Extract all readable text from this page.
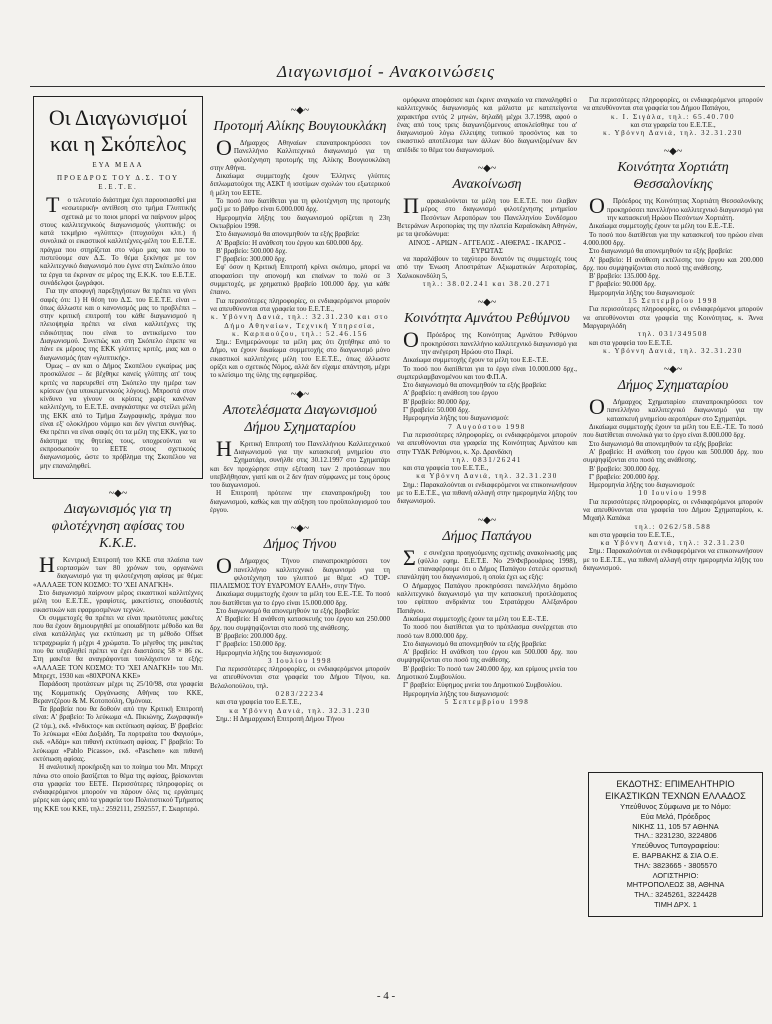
Διαγωνισμοί - Ανακοινώσεις
Οι Διαγωνισμοί και η Σκόπελος
ΕΥΑ ΜΕΛΑ
ΠΡΟΕΔΡΟΣ ΤΟΥ Δ.Σ. ΤΟΥ Ε.Ε.Τ.Ε.

Το τελευταίο διάστημα έχει παρουσιασθεί μια «εσωτερική» αντίθεση στο τμήμα Γλυπτικής σχετικά με το ποιοι μπορεί να παίρνουν μέρος στους καλλιτεχνικούς διαγωνισμούς γλυπτικής: οι κατά τεκμήριο «γλύπτες» (πτυχιούχοι κλπ.) ή συνολικά οι εικαστικοί καλλιτέχνες-μέλη του Ε.Ε.Τ.Ε. πράγμα που στηρίζεται στο νόμο μας και που το πιστεύουμε σαν Δ.Σ. Το θέμα ξεκίνησε με τον καλλιτεχνικό διαγωνισμό που έγινε στη Σκόπελο όπου τα έργα τα έκριναν σε μέρος της Ε.Κ.Κ. του Ε.Ε.Τ.Ε. συνάδελφοι ζωγράφοι.

Για την αποφυγή παρεξηγήσεων θα πρέπει να γίνει σαφές ότι: 1) Η θέση του Δ.Σ. του Ε.Ε.Τ.Ε. είναι – όπως άλλωστε και ο κανονισμός μας το προβλέπει – στην κριτική επιτροπή του κάθε διαγωνισμού η πλειοψηφία πρέπει να είναι καλλιτέχνες της ειδικότητας που είναι το αντικείμενο του Διαγωνισμού. Συνεπώς και στη Σκόπελο έπρεπε να πάνε εκ μέρους της ΕΚΚ γλύπτες κριτές, μιας και ο διαγωνισμός ήταν «γλυπτικής».

Όμως – αν και ο Δήμος Σκοπέλου εγκαίρως μας προσκάλεσε – δε βέχθηκε κανείς γλύπτης απ' τους κριτές να παρευρεθεί στη Σκόπελο την ημέρα των κρίσεων (για υποκειμενικούς λόγους). Μπροστά στον κίνδυνο να γίνουν οι κρίσεις χωρίς κανέναν καλλιτέχνη, το Ε.Ε.Τ.Ε. αναγκάστηκε να στείλει μέλη της ΕΚΚ από το Τμήμα Ζωγραφικής, πράγμα που είναι εξ' ολοκλήρου νόμιμο και δεν γίνεται συνήθως. Θα πρέπει να είναι σαφές ότι τα μέλη της ΕΚΚ, για το διάστημα της θητείας τους, υποχρεούνται να εκπροσωπούν το ΕΕΤΕ στους σχετικούς διαγωνισμούς, ώστε το πρόβλημα της Σκοπέλου να μην επαναληφθεί.

~◆~
Διαγωνισμός για τη φιλοτέχνηση αφίσας του Κ.Κ.Ε.

ΗΚεντρική Επιτροπή του ΚΚΕ στα πλαίσια των εορτασμών των 80 χρόνων του, οργανώνει διαγωνισμό για τη φιλοτέχνηση αφίσας με θέμα: «ΑΛΛΑΞΕ ΤΟΝ ΚΟΣΜΟ: ΤΟ 'ΧΕΙ ΑΝΑΓΚΗ».

Στο διαγωνισμό παίρνουν μέρος εικαστικοί καλλιτέχνες μέλη του Ε.Ε.Τ.Ε., γραφίστες, μακετίστες, σπουδαστές εικαστικών και εφαρμοσμένων τεχνών.

Οι συμμετοχές θα πρέπει να είναι πρωτότυπες μακέτες που θα έχουν δημιουργηθεί με οποιαδήποτε μέθοδο και θα είναι κατάλληλες για εκτύπωση με τη μέθοδο Offset τετραχρωμία ή μέχρι 4 χρώματα. Το μέγεθος της μακέτας που θα υποβληθεί πρέπει να έχει διαστάσεις 58 × 86 εκ. Στη μακέτα θα αναγράφονται τουλάχιστον τα εξής: «ΑΛΛΑΞΕ ΤΟΝ ΚΟΣΜΟ: ΤΟ 'ΧΕΙ ΑΝΑΓΚΗ» του Μπ. Μπρεχτ, 1930 και «80ΧΡΟΝΑ ΚΚΕ»

Παράδοση προτάσεων μέχρι τις 25/10/98, στα γραφεία της Κομματικής Οργάνωσης Αθήνας του ΚΚΕ, Βεραντζέρου & Μ. Κοτοπούλη, Ομόνοια.

Τα βραβεία που θα δοθούν από την Κριτική Επιτροπή είναι: Α' βραβείο: Το λεύκωμα «Δ. Πικιώνης, Ζωγραφική» (2 τόμ.), εκδ. «Ινδικτος» και εκτύπωση αφίσας. Β' βραβείο: Το λεύκωμα «Εύα Δοξιάδη, Τα πορτραίτα του Φαγιούμ», εκδ. «Αδάμ» και πιθανή εκτύπωση αφίσας. Γ' βραβείο: Το λεύκωμα «Pablo Picasso», εκδ. «Paschen» και πιθανή εκτύπωση αφίσας.

Η αναλυτική προκήρυξη και το ποίημα του Μπ. Μπρεχτ πάνω στο οποίο βασίζεται το θέμα της αφίσας, βρίσκονται στα γραφεία του ΕΕΤΕ. Περισσότερες πληροφορίες οι ενδιαφερόμενοι μπορούν να πάρουν όλες τις εργάσιμες μέρες και ώρες από τα γραφεία του Πολιτιστικού Τμήματος της ΚΚΕ του ΚΚΕ, τηλ.: 2592111, 2592557, Γ. Σκαρπερό.

~◆~
Προτομή Αλίκης Βουγιουκλάκη

ΟΔήμαρχος Αθηναίων επαναπροκηρύσσει τον Πανελλήνιο Καλλιτεχνικό διαγωνισμό για τη φιλοτέχνηση προτομής της Αλίκης Βουγιουκλάκη στην Αθήνα.

Δικαίωμα συμμετοχής έχουν Έλληνες γλύπτες διπλωματούχοι της ΑΣΚΤ ή ισοτίμων σχολών του εξωτερικού ή μέλη του ΕΕΤΕ.

Το ποσό που διατίθεται για τη φιλοτέχνηση της προτομής μαζί με το βάθρο είναι 6.000.000 δρχ.

Ημερομηνία λήξης του διαγωνισμού ορίζεται η 23η Οκτωβρίου 1998.

Στο διαγωνισμό θα απονεμηθούν τα εξής βραβεία:

Α' Βραβείο: Η ανάθεση του έργου και 600.000 δρχ.

Β' βραβείο: 500.000 δρχ.

Γ' βραβείο: 300.000 δρχ.

Εφ' όσον η Κριτική Επιτροπή κρίνει σκόπιμο, μπορεί να αποφασίσει την απονομή και επαίνων το πολύ σε 3 συμμετοχές, με χρηματικό βραβείο 100.000 δρχ. για κάθε έπαινο.

Για περισσότερες πληροφορίες, οι ενδιαφερόμενοι μπορούν να απευθύνονται στα γραφεία του Ε.Ε.Τ.Ε.,

κ. Υβόννη Δανιά, τηλ.: 32.31.230 και στο Δήμο Αθηναίων, Τεχνική Υπηρεσία,

κ. Καρπαούζου, τηλ.: 52.46.156

Σημ.: Ενημερώνουμε τα μέλη μας ότι ζητήθηκε από το Δήμο, να έχουν δικαίωμα συμμετοχής στο διαγωνισμό μόνο εικαστικοί καλλιτέχνες μέλη του Ε.Ε.Τ.Ε., όπως άλλωστε ορίζει και ο σχετικός Νόμος, αλλά δεν είχαμε απάντηση, μέχρι το κλείσιμο της ύλης της εφημερίδας.

~◆~
Αποτελέσματα Διαγωνισμού Δήμου Σχηματαρίου

ΗΚριτική Επιτροπή του Πανελλήνιου Καλλιτεχνικού Διαγωνισμού για την κατασκευή μνημείου στο Σχηματάρι, συνήλθε στις 30.12.1997 στο Σχηματάρι και δεν προχώρησε στην εξέταση των 2 προτάσεων που υπεβλήθησαν, γιατί και οι 2 δεν ήταν σύμφωνες με τους όρους του διαγωνισμού.

Η Επιτροπή πρότεινε την επαναπροκήρυξη του διαγωνισμού, καθώς και την αύξηση του προϋπολογισμού του έργου.

~◆~
Δήμος Τήνου

ΟΔήμαρχος Τήνου επαναπροκηρύσσει τον πανελλήνιο καλλιτεχνικό διαγωνισμό για τη φιλοτέχνηση του γλυπτού με θέμα: «Ο ΤΟΡ-ΠΙΛΛΙΣΜΟΣ ΤΟΥ ΕΥΔΡΟΜΟΥ ΕΛΛΗ», στην Τήνο.

Δικαίωμα συμμετοχής έχουν τα μέλη του Ε.Ε.-Τ.Ε. Το ποσό που διατίθεται για το έργο είναι 15.000.000 δρχ.

Στο διαγωνισμό θα απονεμηθούν τα εξής βραβεία:

Α' Βραβείο: Η ανάθεση κατασκευής του έργου και 250.000 δρχ. που συμψηφίζονται στο ποσό της ανάθεσης.

Β' βραβείο: 200.000 δρχ.

Γ' βραβείο: 150.000 δρχ.

Ημερομηνία λήξης του διαγωνισμού:

3 Ιουλίου 1998

Για περισσότερες πληροφορίες, οι ενδιαφερόμενοι μπορούν να απευθύνονται στα γραφεία του Δήμου Τήνου, κα. Βελαλοπούλου, τηλ.

0283/22234

και στα γραφεία του Ε.Ε.Τ.Ε.,

κα Υβόννη Δανιά, τηλ. 32.31.230

Σημ.: Η Δημαρχιακή Επιτροπή Δήμου Τήνου

ομόφωνα αποφάσισε και έκρινε αναγκαίο να επαναληφθεί ο καλλιτεχνικός διαγωνισμός και μάλιστα με κατεπείγοντα χαρακτήρα εντός 2 μηνών, δηλαδή μέχρι 3.7.1998, αφού ο ένας από τους τρεις διαγωνιζόμενους αποκλείσθηκε του α' διαγωνισμού λόγω έλλειψης τυπικού προσόντος και το εικαστικό αποτέλεσμα των άλλων δύο διαγωνιζομένων δεν απέδιδε το θέμα του διαγωνισμού.

~◆~
Ανακοίνωση

Παρακαλούνται τα μέλη του Ε.Ε.Τ.Ε. που έλαβαν μέρος στο διαγωνισμό φιλοτέχνησης μνημείου Πεσόντων Αεροπόρων του Πανελληνίου Συνδέσμου Βετεράνων Αεροπορίας της την πλατεία Καραϊσκάκη Αθηνών, με τα ψευδώνυμα:

ΑΙΝΟΣ - ΑΡΙΩΝ - ΑΓΓΕΛΟΣ - ΑΙΘΕΡΑΣ - ΙΚΑΡΟΣ - ΕΥΡΩΤΑΣ

να παραλάβουν το ταχύτερο δυνατόν τις συμμετοχές τους από την Ένωση Αποστράτων Αξιωματικών Αεροπορίας, Χαλκοκονδύλη 5,

τηλ.: 38.02.241 και 38.20.271

~◆~
Κοινότητα Αμνάτου Ρεθύμνου

ΟΠρόεδρος της Κοινότητας Αμνάτου Ρεθύμνου προκηρύσσει πανελλήνιο καλλιτεχνικό διαγωνισμό για την ανέγερση Ηρώου στο Πικρί.

Δικαίωμα συμμετοχής έχουν τα μέλη του Ε.Ε-.Τ.Ε.

Το ποσό που διατίθεται για το έργο είναι 10.000.000 δρχ., συμπεριλαμβανομένου και του Φ.Π.Α.

Στο διαγωνισμό θα απονεμηθούν τα εξής βραβεία:

Α' βραβείο: η ανάθεση του έργου

Β' βραβείο: 80.000 δρχ.

Γ' βραβείο: 50.000 δρχ.

Ημερομηνία λήξης του διαγωνισμού:

7 Αυγούστου 1998

Για περισσότερες πληροφορίες, οι ενδιαφερόμενοι μπορούν να απευθύνονται στα γραφεία της Κοινότητας Αμνάτου και στην ΤΥΔΚ Ρεθύμνου, κ. Χρ. Δρανδάκη

τηλ. 0831/26241

και στα γραφεία του Ε.Ε.Τ.Ε.,

κα Υβόννη Δανιά, τηλ. 32.31.230

Σημ.: Παρακαλούνται οι ενδιαφερόμενοι να επικοινωνήσουν με το Ε.Ε.Τ.Ε., για πιθανή αλλαγή στην ημερομηνία λήξης του διαγωνισμού.

~◆~
Δήμος Παπάγου

Σε συνέχεια προηγούμενης σχετικής ανακοίνωσής μας (φύλλο εφημ. Ε.Ε.Τ.Ε. Νο 29/Φεβρουάριος 1998), επαναφέρουμε ότι ο Δήμος Παπάγου έστειλε οριστική επανάληψη του διαγωνισμού, η οποία έχει ως εξής:

Ο Δήμαρχος Παπάγου προκηρύσσει πανελλήνιο δημόσιο καλλιτεχνικό διαγωνισμό για την κατασκευή προτλάσματος του εφίππου ανδριάντα του Στρατάρχου Αλέξανδρου Παπάγου.

Δικαίωμα συμμετοχής έχουν τα μέλη του Ε.Ε-.Τ.Ε.

Το ποσό που διατίθεται για το πρόπλασμα συνέρχεται στο ποσό των 8.000.000 δρχ.

Στο διαγωνισμό θα απονεμηθούν τα εξής βραβεία:

Α' βραβείο: Η ανάθεση του έργου και 500.000 δρχ. που συμψηφίζονται στο ποσό της ανάθεσης.

Β' βραβείο: Το ποσό των 240.000 δρχ. και ερίμους μνεία του Δημοτικού Συμβουλίου.

Γ' βραβείο: Εύφημος μνεία του Δημοτικού Συμβουλίου.

Ημερομηνία λήξης του διαγωνισμού:

5 Σεπτεμβρίου 1998

Για περισσότερες πληροφορίες, οι ενδιαφερόμενοι μπορούν να απευθύνονται στα γραφεία του Δήμου Παπάγου,

κ. Ι. Σιγάλα, τηλ.: 65.40.700

και στα γραφεία του Ε.Ε.Τ.Ε.,

κ. Υβόννη Δανιά, τηλ. 32.31.230

~◆~
Κοινότητα Χορτιάτη Θεσσαλονίκης

ΟΠρόεδρος της Κοινότητας Χορτιάτη Θεσσαλονίκης προκηρύσσει πανελλήνιο καλλιτεχνικό διαγωνισμό για την κατασκευή Ηρώου Πεσόντων Χορτιάτη.

Δικαίωμα συμμετοχής έχουν τα μέλη του Ε.Ε.-Τ.Ε.

Το ποσό που διατίθεται για την κατασκευή του ηρώου είναι 4.000.000 δρχ.

Στο διαγωνισμό θα απονεμηθούν τα εξής βραβεία:

Α' βραβείο: Η ανάθεση εκτέλεσης του έργου και 200.000 δρχ. που συμψηφίζονται στο ποσό της ανάθεσης.

Β' βραβείο: 135.000 δρχ.

Γ' βραβείο: 90.000 δρχ.

Ημερομηνία λήξης του διαγωνισμού:

15 Σεπτεμβρίου 1998

Για περισσότερες πληροφορίες, οι ενδιαφερόμενοι μπορούν να απευθύνονται στα γραφεία της Κοινότητας, κ. Άννα Μαργαριγλόδη

τηλ. 031/349508

και στα γραφεία του Ε.Ε.Τ.Ε.

κ. Υβόννη Δανιά, τηλ. 32.31.230

~◆~
Δήμος Σχηματαρίου

ΟΔήμαρχος Σχηματαρίου επαναπροκηρύσσει τον πανελλήνιο καλλιτεχνικό διαγωνισμό για την κατασκευή μνημείου αεροπόρων στο Σχηματάρι.

Δικαίωμα συμμετοχής έχουν τα μέλη του Ε.Ε.-Τ.Ε. Το ποσό που διατίθεται συνολικά για το έργο είναι 8.000.000 δρχ.

Στο διαγωνισμό θα απονεμηθούν τα εξής βραβεία:

Α' βραβείο: Η ανάθεση του έργου και 500.000 δρχ. που συμψηφίζονται στο ποσό της ανάθεσης.

Β' βραβείο: 300.000 δρχ.

Γ' βραβείο: 200.000 δρχ.

Ημερομηνία λήξης του διαγωνισμού:

10 Ιουνίου 1998

Για περισσότερες πληροφορίες, οι ενδιαφερόμενοι μπορούν να απευθύνονται στα γραφεία του Δήμου Σχηματαρίου, κ. Μιχαήλ Καπάκα

τηλ.: 0262/58.588

και στα γραφεία του Ε.Ε.Τ.Ε.,

κα Υβόννη Δανιά, τηλ.: 32.31.230

Σημ.: Παρακαλούνται οι ενδιαφερόμενοι να επικοινωνήσουν με το Ε.Ε.Τ.Ε., για πιθανή αλλαγή στην ημερομηνία λήξης του διαγωνισμού.

ΕΚΔΟΤΗΣ: ΕΠΙΜΕΛΗΤΗΡΙΟ ΕΙΚΑΣΤΙΚΩΝ ΤΕΧΝΩΝ ΕΛΛΑΔΟΣ
Υπεύθυνος Σύμφωνα με το Νόμο:
Εύα Μελά, Πρόεδρος
ΝΙΚΗΣ 11, 105 57 ΑΘΗΝΑ
ΤΗΛ.: 3231230, 3224806
Υπεύθυνος Τυπογραφείου:
Ε. ΒΑΡΒΑΚΗΣ & ΣΙΑ Ο.Ε.
ΤΗΛ: 3823665 - 3805570
ΛΟΓΙΣΤΗΡΙΟ:
ΜΗΤΡΟΠΟΛΕΩΣ 38, ΑΘΗΝΑ
ΤΗΛ.: 3245261, 3224428
ΤΙΜΗ ΔΡΧ. 1
- 4 -
